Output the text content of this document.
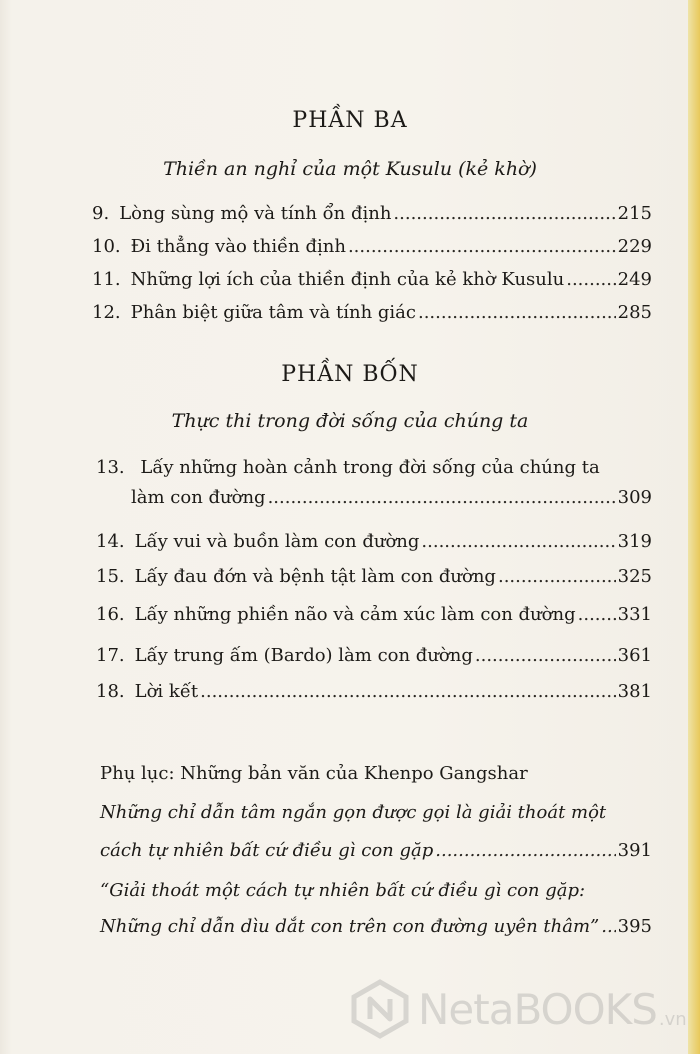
PHẦN BA

Thiền an nghỉ của một Kusulu (kẻ khờ)

9. Lòng sùng mộ và tính ổn định .....	215
10. Đi thẳng vào thiền định .....	229
11. Những lợi ích của thiền định của kẻ khờ Kusulu .....	249
12. Phân biệt giữa tâm và tính giác .....	285
PHẦN BỐN

Thực thi trong đời sống của chúng ta

13. Lấy những hoàn cảnh trong đời sống của chúng ta
làm con đường .....	309
14. Lấy vui và buồn làm con đường .....	319
15. Lấy đau đớn và bệnh tật làm con đường .....	325
16. Lấy những phiền não và cảm xúc làm con đường ..... 331
17. Lấy trung ấm (Bardo) làm con đường .....	361
18. Lời kết .....	381
Phụ lục: Những bản văn của Khenpo Gangshar
Những chỉ dẫn tâm ngắn gọn được gọi là giải thoát một
cách tự nhiên bất cứ điều gì con gặp .....	391
“Giải thoát một cách tự nhiên bất cứ điều gì con gặp:
Những chỉ dẫn dìu dắt con trên con đường uyên thâm” ..... 395
NetaBOOKS .vn
